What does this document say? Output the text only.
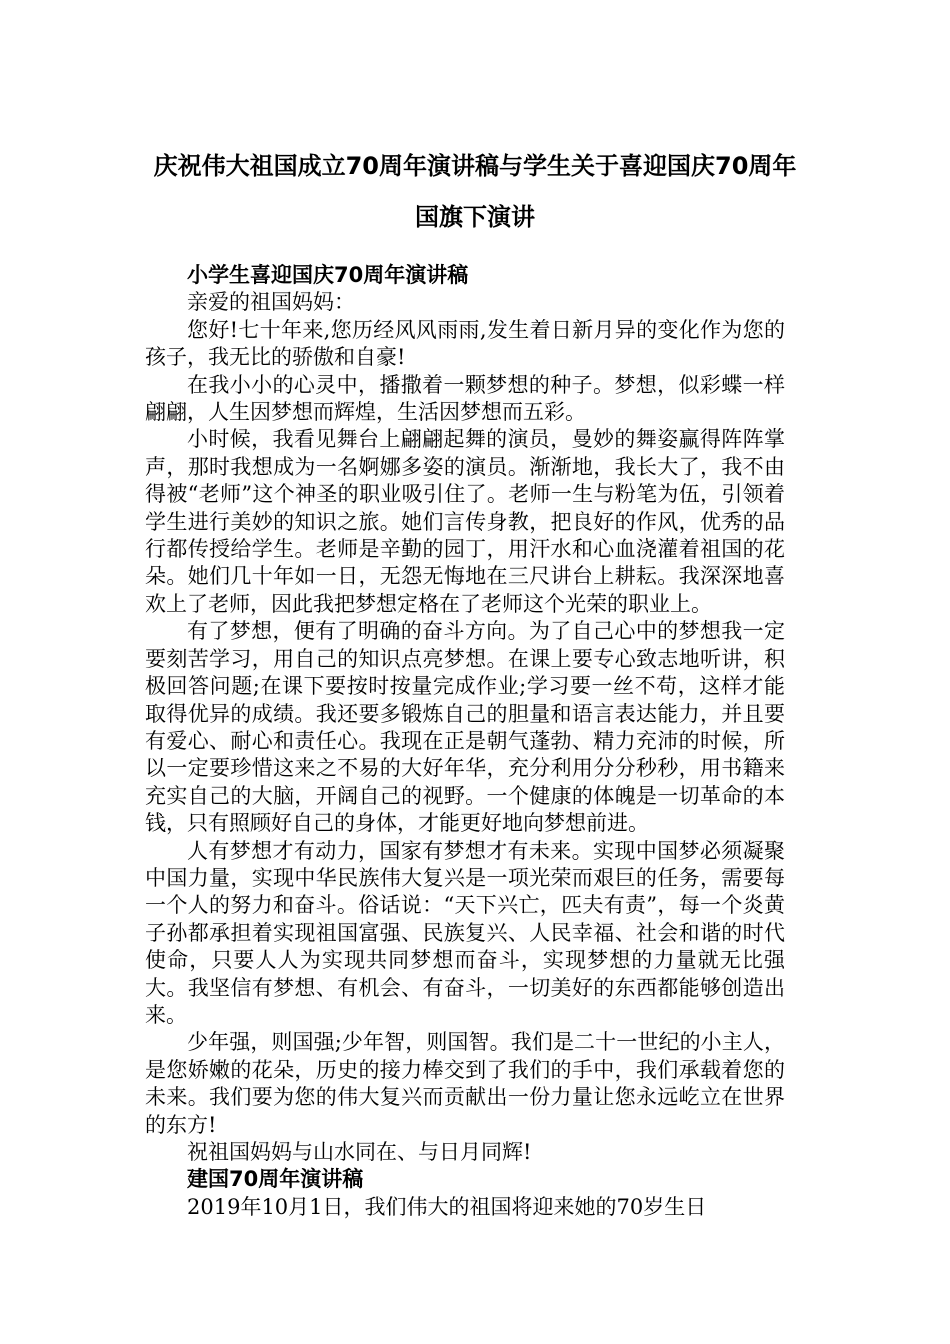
庆祝伟大祖国成立70周年演讲稿与学生关于喜迎国庆70周年
国旗下演讲

小学生喜迎国庆70周年演讲稿

亲爱的祖国妈妈：

您好!七十年来,您历经风风雨雨,发生着日新月异的变化作为您的孩子，我无比的骄傲和自豪!

在我小小的心灵中，播撒着一颗梦想的种子。梦想，似彩蝶一样翩翩，人生因梦想而辉煌，生活因梦想而五彩。

小时候，我看见舞台上翩翩起舞的演员，曼妙的舞姿赢得阵阵掌声，那时我想成为一名婀娜多姿的演员。渐渐地，我长大了，我不由得被“老师”这个神圣的职业吸引住了。老师一生与粉笔为伍，引领着学生进行美妙的知识之旅。她们言传身教，把良好的作风，优秀的品行都传授给学生。老师是辛勤的园丁，用汗水和心血浇灌着祖国的花朵。她们几十年如一日，无怨无悔地在三尺讲台上耕耘。我深深地喜欢上了老师，因此我把梦想定格在了老师这个光荣的职业上。

有了梦想，便有了明确的奋斗方向。为了自己心中的梦想我一定要刻苦学习，用自己的知识点亮梦想。在课上要专心致志地听讲，积极回答问题;在课下要按时按量完成作业;学习要一丝不苟，这样才能取得优异的成绩。我还要多锻炼自己的胆量和语言表达能力，并且要有爱心、耐心和责任心。我现在正是朝气蓬勃、精力充沛的时候，所以一定要珍惜这来之不易的大好年华，充分利用分分秒秒，用书籍来充实自己的大脑，开阔自己的视野。一个健康的体魄是一切革命的本钱，只有照顾好自己的身体，才能更好地向梦想前进。

人有梦想才有动力，国家有梦想才有未来。实现中国梦必须凝聚中国力量，实现中华民族伟大复兴是一项光荣而艰巨的任务，需要每一个人的努力和奋斗。俗话说：“天下兴亡，匹夫有责”，每一个炎黄子孙都承担着实现祖国富强、民族复兴、人民幸福、社会和谐的时代使命，只要人人为实现共同梦想而奋斗，实现梦想的力量就无比强大。我坚信有梦想、有机会、有奋斗，一切美好的东西都能够创造出来。

少年强，则国强;少年智，则国智。我们是二十一世纪的小主人，是您娇嫩的花朵，历史的接力棒交到了我们的手中，我们承载着您的未来。我们要为您的伟大复兴而贡献出一份力量让您永远屹立在世界的东方!

祝祖国妈妈与山水同在、与日月同辉!

建国70周年演讲稿

2019年10月1日，我们伟大的祖国将迎来她的70岁生日
